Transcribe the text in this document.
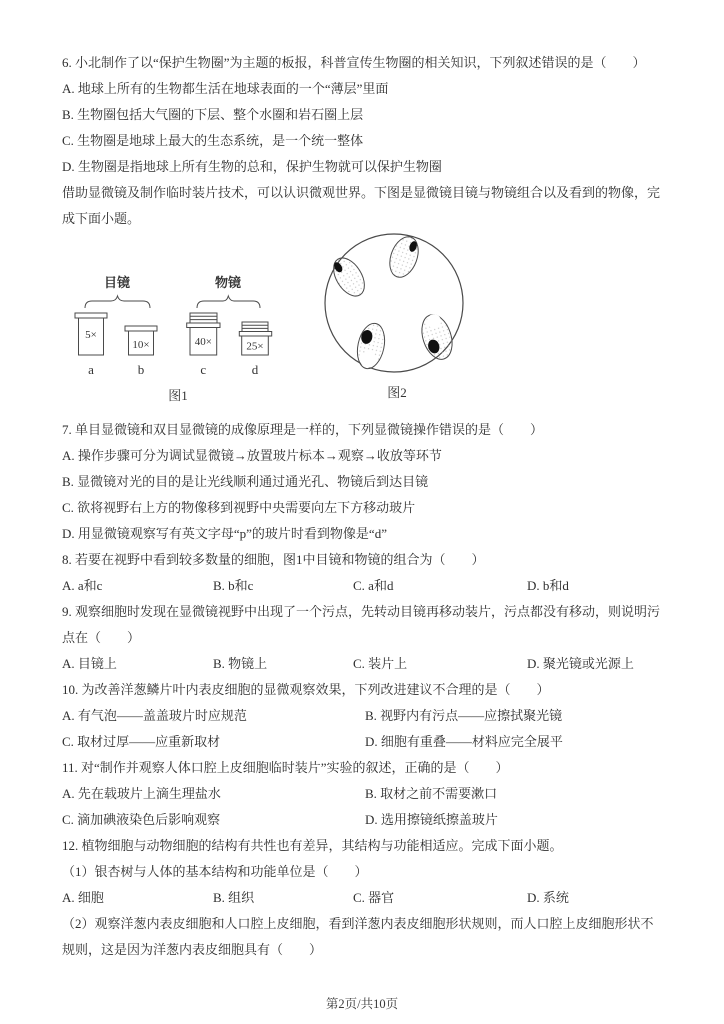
6. 小北制作了以“保护生物圈”为主题的板报，科普宣传生物圈的相关知识，下列叙述错误的是（　　）

A. 地球上所有的生物都生活在地球表面的一个“薄层”里面

B. 生物圈包括大气圈的下层、整个水圈和岩石圈上层

C. 生物圈是地球上最大的生态系统，是一个统一整体

D. 生物圈是指地球上所有生物的总和，保护生物就可以保护生物圈

借助显微镜及制作临时装片技术，可以认识微观世界。下图是显微镜目镜与物镜组合以及看到的物像，完成下面小题。

目镜	物镜
5×
10×	40×	25×
a	b	c	d
图1	图2

7. 单目显微镜和双目显微镜的成像原理是一样的，下列显微镜操作错误的是（　　）

A. 操作步骤可分为调试显微镜→放置玻片标本→观察→收放等环节

B. 显微镜对光的目的是让光线顺利通过通光孔、物镜后到达目镜

C. 欲将视野右上方的物像移到视野中央需要向左下方移动玻片

D. 用显微镜观察写有英文字母“p”的玻片时看到物像是“d”

8. 若要在视野中看到较多数量的细胞，图1中目镜和物镜的组合为（　　）

A. a和c	B. b和c	C. a和d	D. b和d

9. 观察细胞时发现在显微镜视野中出现了一个污点，先转动目镜再移动装片，污点都没有移动，则说明污点在（　　）

A. 目镜上	B. 物镜上	C. 装片上	D. 聚光镜或光源上

10. 为改善洋葱鳞片叶内表皮细胞的显微观察效果，下列改进建议不合理的是（　　）

A. 有气泡——盖盖玻片时应规范	B. 视野内有污点——应擦拭聚光镜
C. 取材过厚——应重新取材	D. 细胞有重叠——材料应完全展平

11. 对“制作并观察人体口腔上皮细胞临时装片”实验的叙述，正确的是（　　）

A. 先在载玻片上滴生理盐水	B. 取材之前不需要漱口
C. 滴加碘液染色后影响观察	D. 选用擦镜纸擦盖玻片

12. 植物细胞与动物细胞的结构有共性也有差异，其结构与功能相适应。完成下面小题。

（1）银杏树与人体的基本结构和功能单位是（　　）

A. 细胞	B. 组织	C. 器官	D. 系统

（2）观察洋葱内表皮细胞和人口腔上皮细胞，看到洋葱内表皮细胞形状规则，而人口腔上皮细胞形状不规则，这是因为洋葱内表皮细胞具有（　　）

第2页/共10页
